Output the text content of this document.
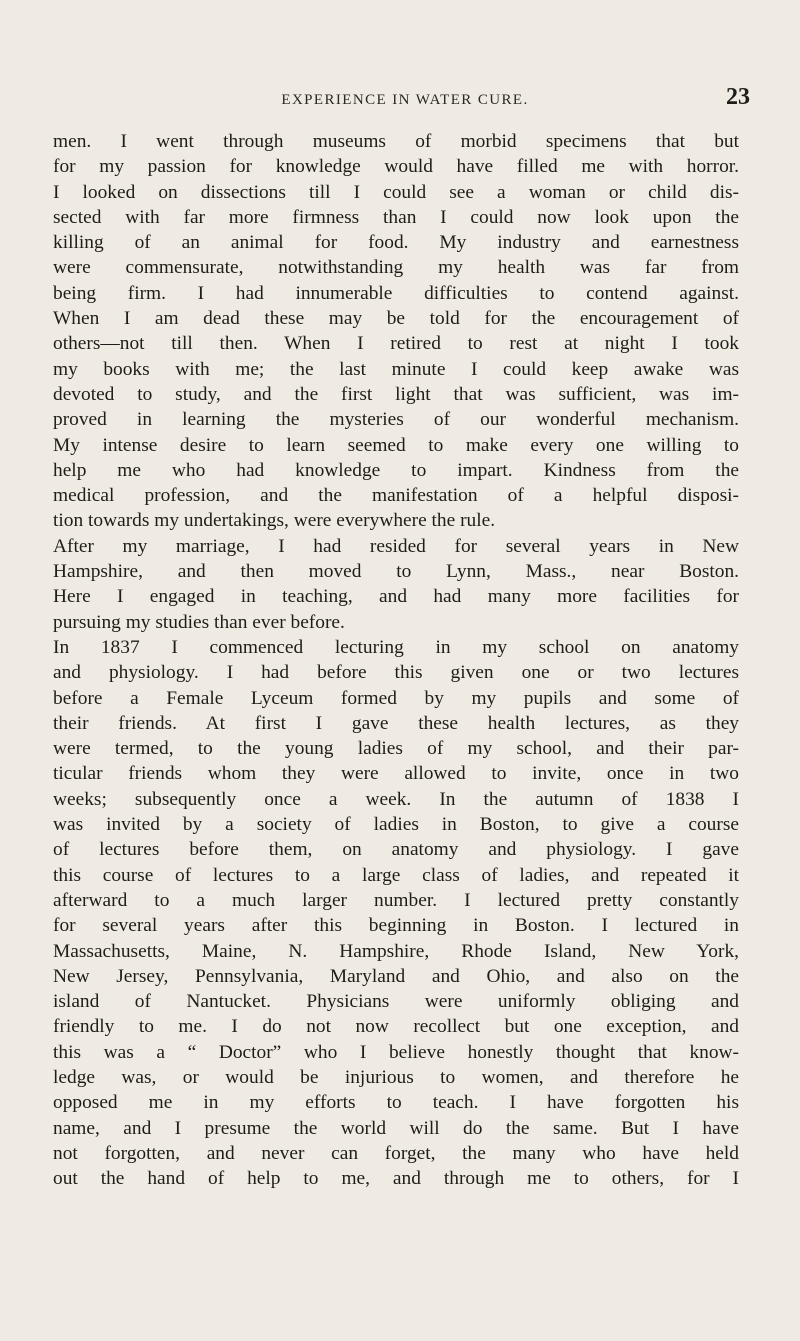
EXPERIENCE IN WATER CURE.	23
men. I went through museums of morbid specimens that but
for my passion for knowledge would have filled me with horror.
I looked on dissections till I could see a woman or child dis-
sected with far more firmness than I could now look upon the
killing of an animal for food. My industry and earnestness
were commensurate, notwithstanding my health was far from
being firm. I had innumerable difficulties to contend against.
When I am dead these may be told for the encouragement of
others—not till then. When I retired to rest at night I took
my books with me; the last minute I could keep awake was
devoted to study, and the first light that was sufficient, was im-
proved in learning the mysteries of our wonderful mechanism.
My intense desire to learn seemed to make every one willing to
help me who had knowledge to impart. Kindness from the
medical profession, and the manifestation of a helpful disposi-
tion towards my undertakings, were everywhere the rule.
After my marriage, I had resided for several years in New
Hampshire, and then moved to Lynn, Mass., near Boston.
Here I engaged in teaching, and had many more facilities for
pursuing my studies than ever before.
In 1837 I commenced lecturing in my school on anatomy
and physiology. I had before this given one or two lectures
before a Female Lyceum formed by my pupils and some of
their friends. At first I gave these health lectures, as they
were termed, to the young ladies of my school, and their par-
ticular friends whom they were allowed to invite, once in two
weeks; subsequently once a week. In the autumn of 1838 I
was invited by a society of ladies in Boston, to give a course
of lectures before them, on anatomy and physiology. I gave
this course of lectures to a large class of ladies, and repeated it
afterward to a much larger number. I lectured pretty constantly
for several years after this beginning in Boston. I lectured in
Massachusetts, Maine, N. Hampshire, Rhode Island, New York,
New Jersey, Pennsylvania, Maryland and Ohio, and also on the
island of Nantucket. Physicians were uniformly obliging and
friendly to me. I do not now recollect but one exception, and
this was a “ Doctor” who I believe honestly thought that know-
ledge was, or would be injurious to women, and therefore he
opposed me in my efforts to teach. I have forgotten his
name, and I presume the world will do the same. But I have
not forgotten, and never can forget, the many who have held
out the hand of help to me, and through me to others, for I
